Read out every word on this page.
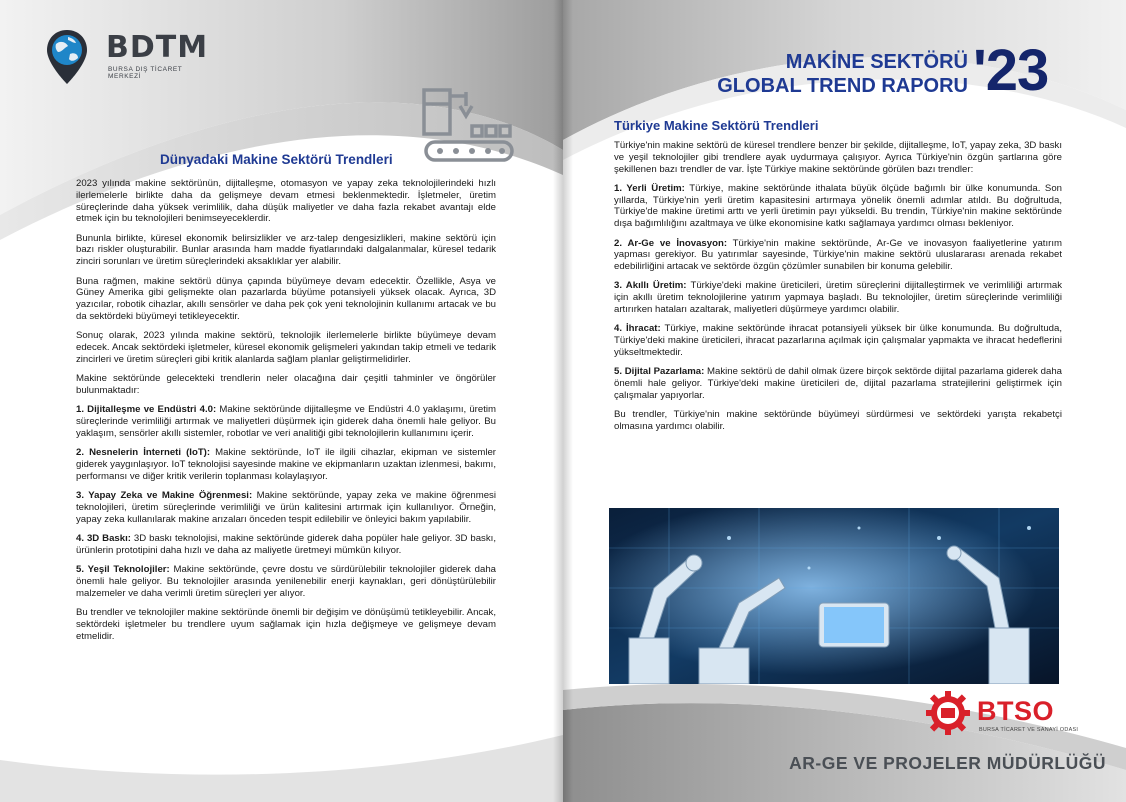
BDTM
BURSA DIŞ TİCARET MERKEZİ
Dünyadaki Makine Sektörü Trendleri

2023 yılında makine sektörünün, dijitalleşme, otomasyon ve yapay zeka teknolojilerindeki hızlı ilerlemelerle birlikte daha da gelişmeye devam etmesi beklenmektedir. İşletmeler, üretim süreçlerinde daha yüksek verimlilik, daha düşük maliyetler ve daha fazla rekabet avantajı elde etmek için bu teknolojileri benimseyeceklerdir.

Bununla birlikte, küresel ekonomik belirsizlikler ve arz-talep dengesizlikleri, makine sektörü için bazı riskler oluşturabilir. Bunlar arasında ham madde fiyatlarındaki dalgalanmalar, küresel tedarik zinciri sorunları ve üretim süreçlerindeki aksaklıklar yer alabilir.

Buna rağmen, makine sektörü dünya çapında büyümeye devam edecektir. Özellikle, Asya ve Güney Amerika gibi gelişmekte olan pazarlarda büyüme potansiyeli yüksek olacak. Ayrıca, 3D yazıcılar, robotik cihazlar, akıllı sensörler ve daha pek çok yeni teknolojinin kullanımı artacak ve bu da sektördeki büyümeyi tetikleyecektir.

Sonuç olarak, 2023 yılında makine sektörü, teknolojik ilerlemelerle birlikte büyümeye devam edecek. Ancak sektördeki işletmeler, küresel ekonomik gelişmeleri yakından takip etmeli ve tedarik zincirleri ve üretim süreçleri gibi kritik alanlarda sağlam planlar geliştirmelidirler.

Makine sektöründe gelecekteki trendlerin neler olacağına dair çeşitli tahminler ve öngörüler bulunmaktadır:

1. Dijitalleşme ve Endüstri 4.0: Makine sektöründe dijitalleşme ve Endüstri 4.0 yaklaşımı, üretim süreçlerinde verimliliği artırmak ve maliyetleri düşürmek için giderek daha önemli hale geliyor. Bu yaklaşım, sensörler akıllı sistemler, robotlar ve veri analitiği gibi teknolojilerin kullanımını içerir.

2. Nesnelerin İnterneti (IoT): Makine sektöründe, IoT ile ilgili cihazlar, ekipman ve sistemler giderek yaygınlaşıyor. IoT teknolojisi sayesinde makine ve ekipmanların uzaktan izlenmesi, bakımı, performansı ve diğer kritik verilerin toplanması kolaylaşıyor.

3. Yapay Zeka ve Makine Öğrenmesi: Makine sektöründe, yapay zeka ve makine öğrenmesi teknolojileri, üretim süreçlerinde verimliliği ve ürün kalitesini artırmak için kullanılıyor. Örneğin, yapay zeka kullanılarak makine arızaları önceden tespit edilebilir ve önleyici bakım yapılabilir.

4. 3D Baskı: 3D baskı teknolojisi, makine sektöründe giderek daha popüler hale geliyor. 3D baskı, ürünlerin prototipini daha hızlı ve daha az maliyetle üretmeyi mümkün kılıyor.

5. Yeşil Teknolojiler: Makine sektöründe, çevre dostu ve sürdürülebilir teknolojiler giderek daha önemli hale geliyor. Bu teknolojiler arasında yenilenebilir enerji kaynakları, geri dönüştürülebilir malzemeler ve daha verimli üretim süreçleri yer alıyor.

Bu trendler ve teknolojiler makine sektöründe önemli bir değişim ve dönüşümü tetikleyebilir. Ancak, sektördeki işletmeler bu trendlere uyum sağlamak için hızla değişmeye ve gelişmeye devam etmelidir.

MAKİNE SEKTÖRÜ
GLOBAL TREND RAPORU '23
Türkiye Makine Sektörü Trendleri

Türkiye'nin makine sektörü de küresel trendlere benzer bir şekilde, dijitalleşme, IoT, yapay zeka, 3D baskı ve yeşil teknolojiler gibi trendlere ayak uydurmaya çalışıyor. Ayrıca Türkiye'nin özgün şartlarına göre şekillenen bazı trendler de var. İşte Türkiye makine sektöründe görülen bazı trendler:

1. Yerli Üretim: Türkiye, makine sektöründe ithalata büyük ölçüde bağımlı bir ülke konumunda. Son yıllarda, Türkiye'nin yerli üretim kapasitesini artırmaya yönelik önemli adımlar atıldı. Bu doğrultuda, Türkiye'de makine üretimi arttı ve yerli üretimin payı yükseldi. Bu trendin, Türkiye'nin makine sektöründe dışa bağımlılığını azaltmaya ve ülke ekonomisine katkı sağlamaya yardımcı olması bekleniyor.

2. Ar-Ge ve İnovasyon: Türkiye'nin makine sektöründe, Ar-Ge ve inovasyon faaliyetlerine yatırım yapması gerekiyor. Bu yatırımlar sayesinde, Türkiye'nin makine sektörü uluslararası arenada rekabet edebilirliğini artacak ve sektörde özgün çözümler sunabilen bir konuma gelebilir.

3. Akıllı Üretim: Türkiye'deki makine üreticileri, üretim süreçlerini dijitalleştirmek ve verimliliği artırmak için akıllı üretim teknolojilerine yatırım yapmaya başladı. Bu teknolojiler, üretim süreçlerinde verimliliği artırırken hataları azaltarak, maliyetleri düşürmeye yardımcı olabilir.

4. İhracat: Türkiye, makine sektöründe ihracat potansiyeli yüksek bir ülke konumunda. Bu doğrultuda, Türkiye'deki makine üreticileri, ihracat pazarlarına açılmak için çalışmalar yapmakta ve ihracat hedeflerini yükseltmektedir.

5. Dijital Pazarlama: Makine sektörü de dahil olmak üzere birçok sektörde dijital pazarlama giderek daha önemli hale geliyor. Türkiye'deki makine üreticileri de, dijital pazarlama stratejilerini geliştirmek için çalışmalar yapıyorlar.

Bu trendler, Türkiye'nin makine sektöründe büyümeyi sürdürmesi ve sektördeki yarışta rekabetçi olmasına yardımcı olabilir.

BTSO
BURSA TİCARET VE SANAYİ ODASI
AR-GE VE PROJELER MÜDÜRLÜĞÜ
